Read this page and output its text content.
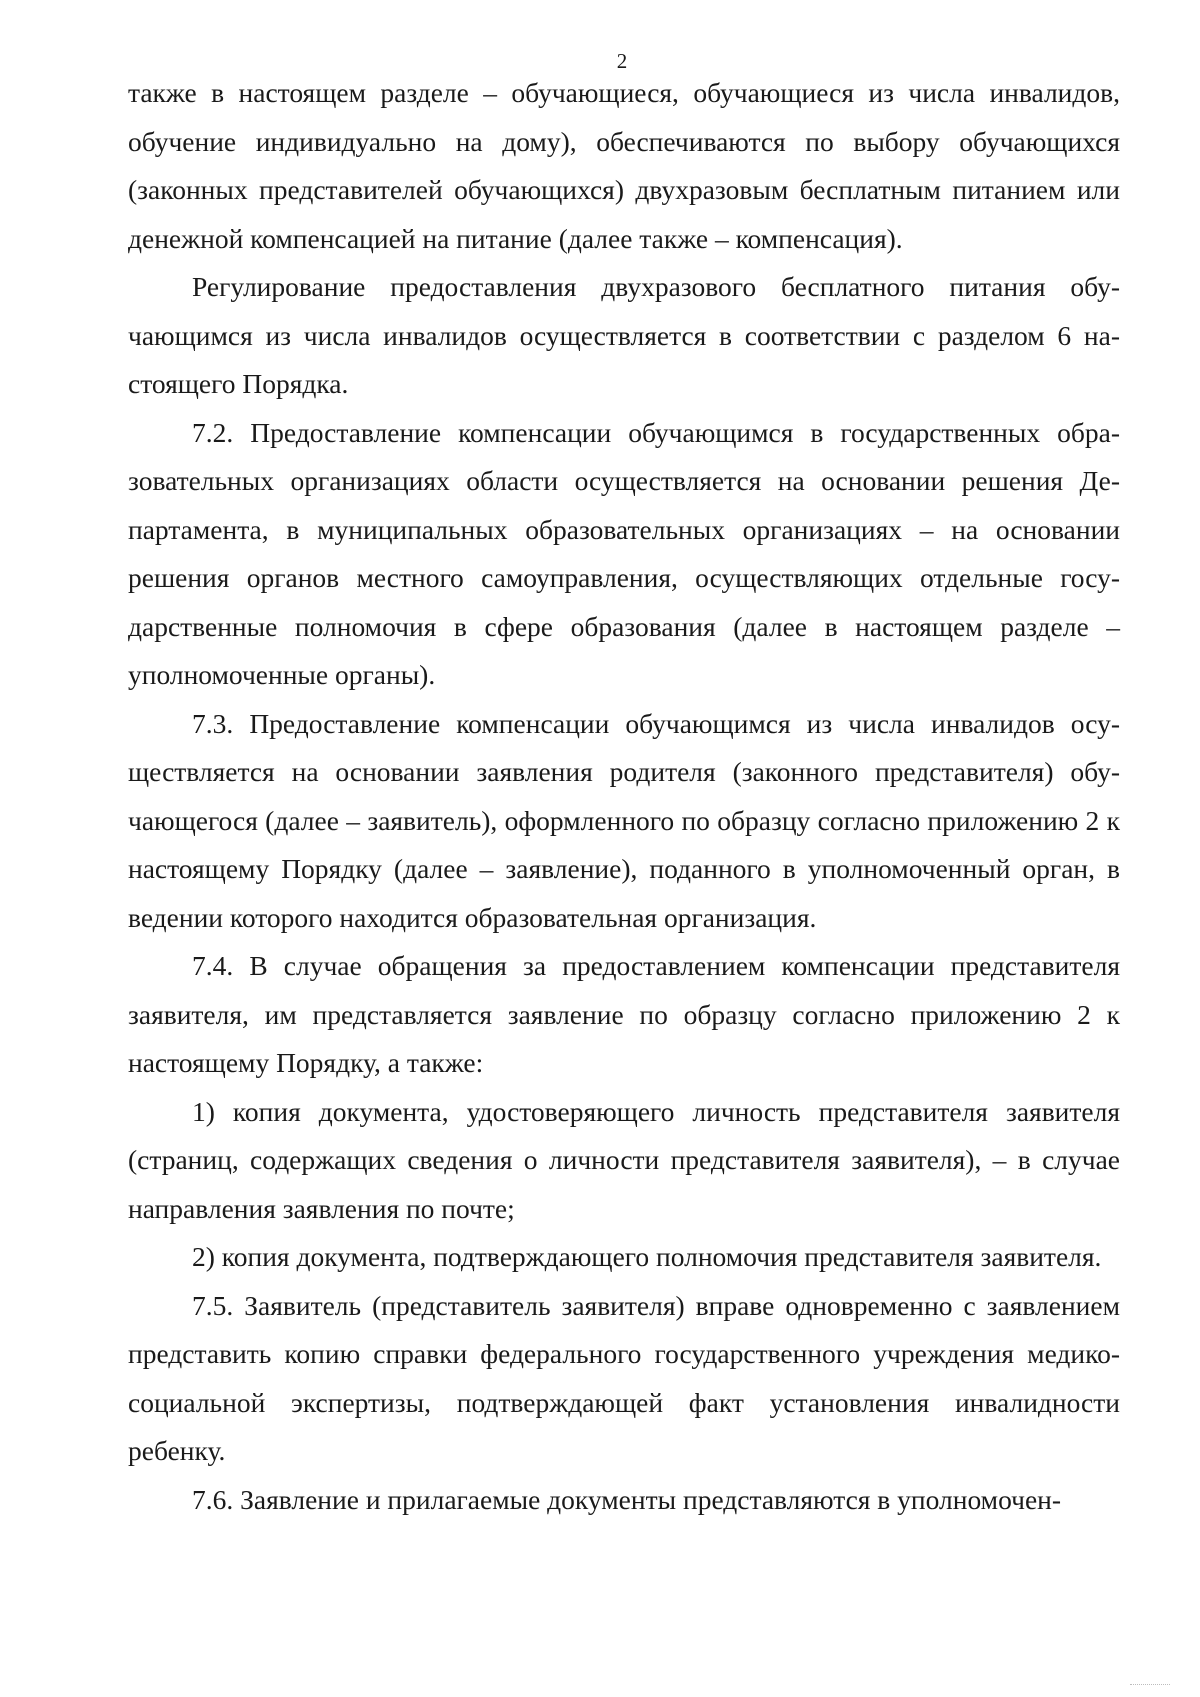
2

также в настоящем разделе – обучающиеся, обучающиеся из числа инвалидов, обучение индивидуально на дому), обеспечиваются по выбору обучающихся (законных представителей обучающихся) двухразовым бесплатным питанием или денежной компенсацией на питание (далее также – компенсация).

Регулирование предоставления двухразового бесплатного питания обучающимся из числа инвалидов осуществляется в соответствии с разделом 6 настоящего Порядка.

7.2. Предоставление компенсации обучающимся в государственных образовательных организациях области осуществляется на основании решения Департамента, в муниципальных образовательных организациях – на основании решения органов местного самоуправления, осуществляющих отдельные государственные полномочия в сфере образования (далее в настоящем разделе – уполномоченные органы).

7.3. Предоставление компенсации обучающимся из числа инвалидов осуществляется на основании заявления родителя (законного представителя) обучающегося (далее – заявитель), оформленного по образцу согласно приложению 2 к настоящему Порядку (далее – заявление), поданного в уполномоченный орган, в ведении которого находится образовательная организация.

7.4. В случае обращения за предоставлением компенсации представителя заявителя, им представляется заявление по образцу согласно приложению 2 к настоящему Порядку, а также:

1) копия документа, удостоверяющего личность представителя заявителя (страниц, содержащих сведения о личности представителя заявителя), – в случае направления заявления по почте;

2) копия документа, подтверждающего полномочия представителя заявителя.

7.5. Заявитель (представитель заявителя) вправе одновременно с заявлением представить копию справки федерального государственного учреждения медико-социальной экспертизы, подтверждающей факт установления инвалидности ребенку.

7.6. Заявление и прилагаемые документы представляются в уполномочен-
